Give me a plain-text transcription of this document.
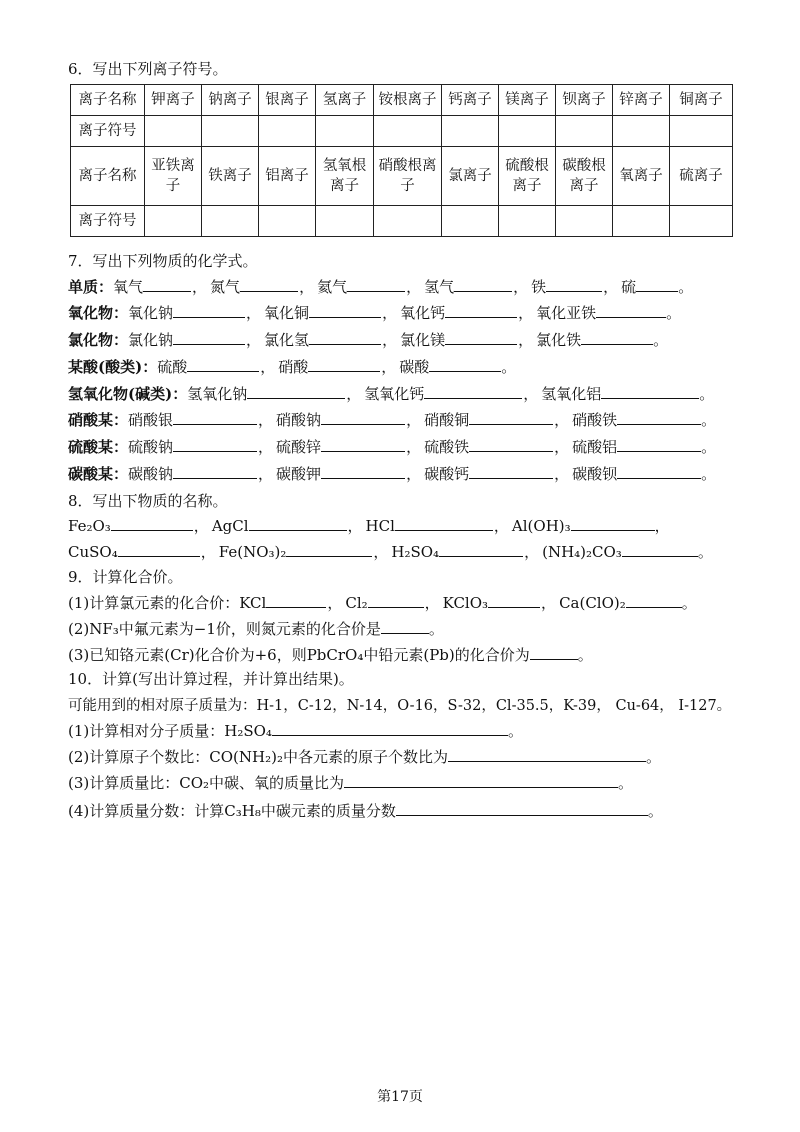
6．写出下列离子符号。
离子名称	钾离子	钠离子	银离子	氢离子	铵根离子	钙离子	镁离子	钡离子	锌离子	铜离子
离子符号										
离子名称	亚铁离子	铁离子	铝离子	氢氧根离子	硝酸根离子	氯离子	硫酸根离子	碳酸根离子	氧离子	硫离子
离子符号										
7．写出下列物质的化学式。
单质：氧气	， 氮气	， 氦气	， 氢气	， 铁	， 硫	。
氧化物：氧化钠	， 氧化铜	， 氧化钙	， 氧化亚铁	。
氯化物：氯化钠	， 氯化氢	， 氯化镁	， 氯化铁	。
某酸(酸类)：硫酸	， 硝酸	， 碳酸	。
氢氧化物(碱类)：氢氧化钠	， 氢氧化钙	， 氢氧化铝	。
硝酸某：硝酸银	， 硝酸钠	， 硝酸铜	， 硝酸铁	。
硫酸某：硫酸钠	， 硫酸锌	， 硫酸铁	， 硫酸铝	。
碳酸某：碳酸钠	， 碳酸钾	， 碳酸钙	， 碳酸钡	。
8．写出下物质的名称。
Fe₂O₃	， AgCl	， HCl	， Al(OH)₃	，
CuSO₄	， Fe(NO₃)₂	， H₂SO₄	， (NH₄)₂CO₃	。
9．计算化合价。
(1)计算氯元素的化合价：KCl	， Cl₂	， KClO₃	， Ca(ClO)₂	。
(2)NF₃中氟元素为−1价，则氮元素的化合价是	。
(3)已知铬元素(Cr)化合价为+6，则PbCrO₄中铅元素(Pb)的化合价为	。
10．计算(写出计算过程，并计算出结果)。
可能用到的相对原子质量为：H-1，C-12，N-14，O-16，S-32，Cl-35.5，K-39， Cu-64， I-127。
(1)计算相对分子质量：H₂SO₄	。
(2)计算原子个数比：CO(NH₂)₂中各元素的原子个数比为	。
(3)计算质量比：CO₂中碳、氧的质量比为	。
(4)计算质量分数：计算C₃H₈中碳元素的质量分数	。
第17页
